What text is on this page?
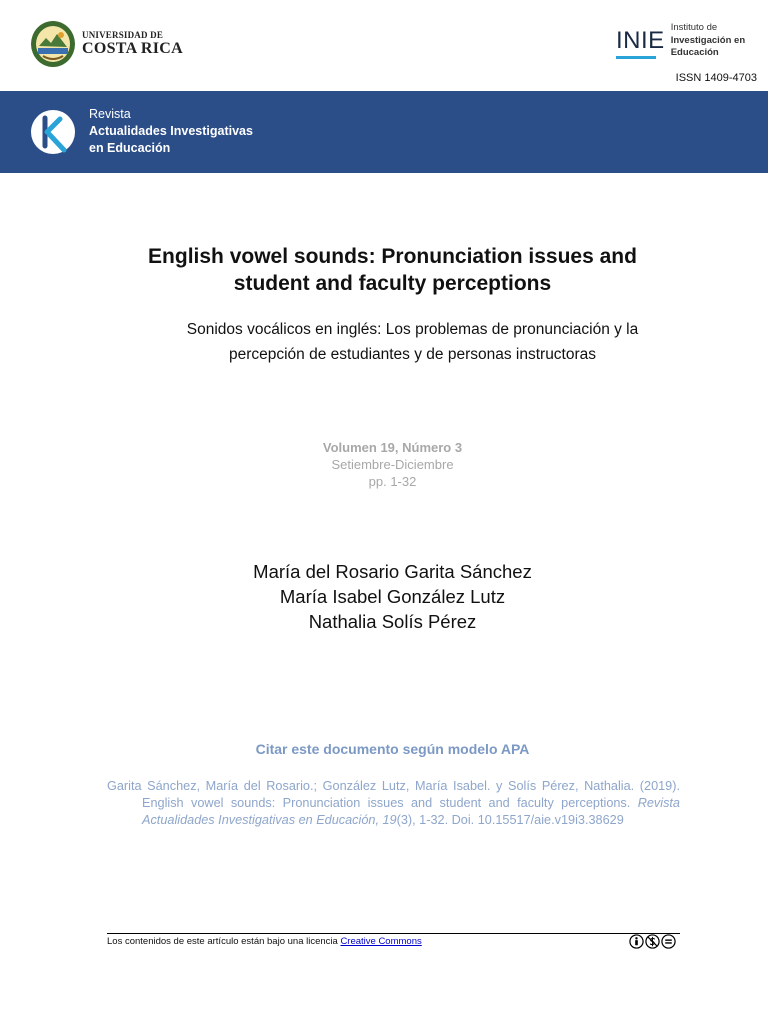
UNIVERSIDAD DE
COSTA RICA	INIE Instituto de
Investigación en
Educación
ISSN 1409-4703
Revista
Actualidades Investigativas
en Educación
English vowel sounds: Pronunciation issues and
student and faculty perceptions
Sonidos vocálicos en inglés: Los problemas de pronunciación y la
percepción de estudiantes y de personas instructoras
Volumen 19, Número 3
Setiembre-Diciembre
pp. 1-32
María del Rosario Garita Sánchez
María Isabel González Lutz
Nathalia Solís Pérez
Citar este documento según modelo APA
Garita Sánchez, María del Rosario.; González Lutz, María Isabel. y Solís Pérez, Nathalia. (2019). English vowel sounds: Pronunciation issues and student and faculty perceptions. Revista Actualidades Investigativas en Educación, 19(3), 1-32. Doi. 10.15517/aie.v19i3.38629
Los contenidos de este artículo están bajo una licencia Creative Commons
